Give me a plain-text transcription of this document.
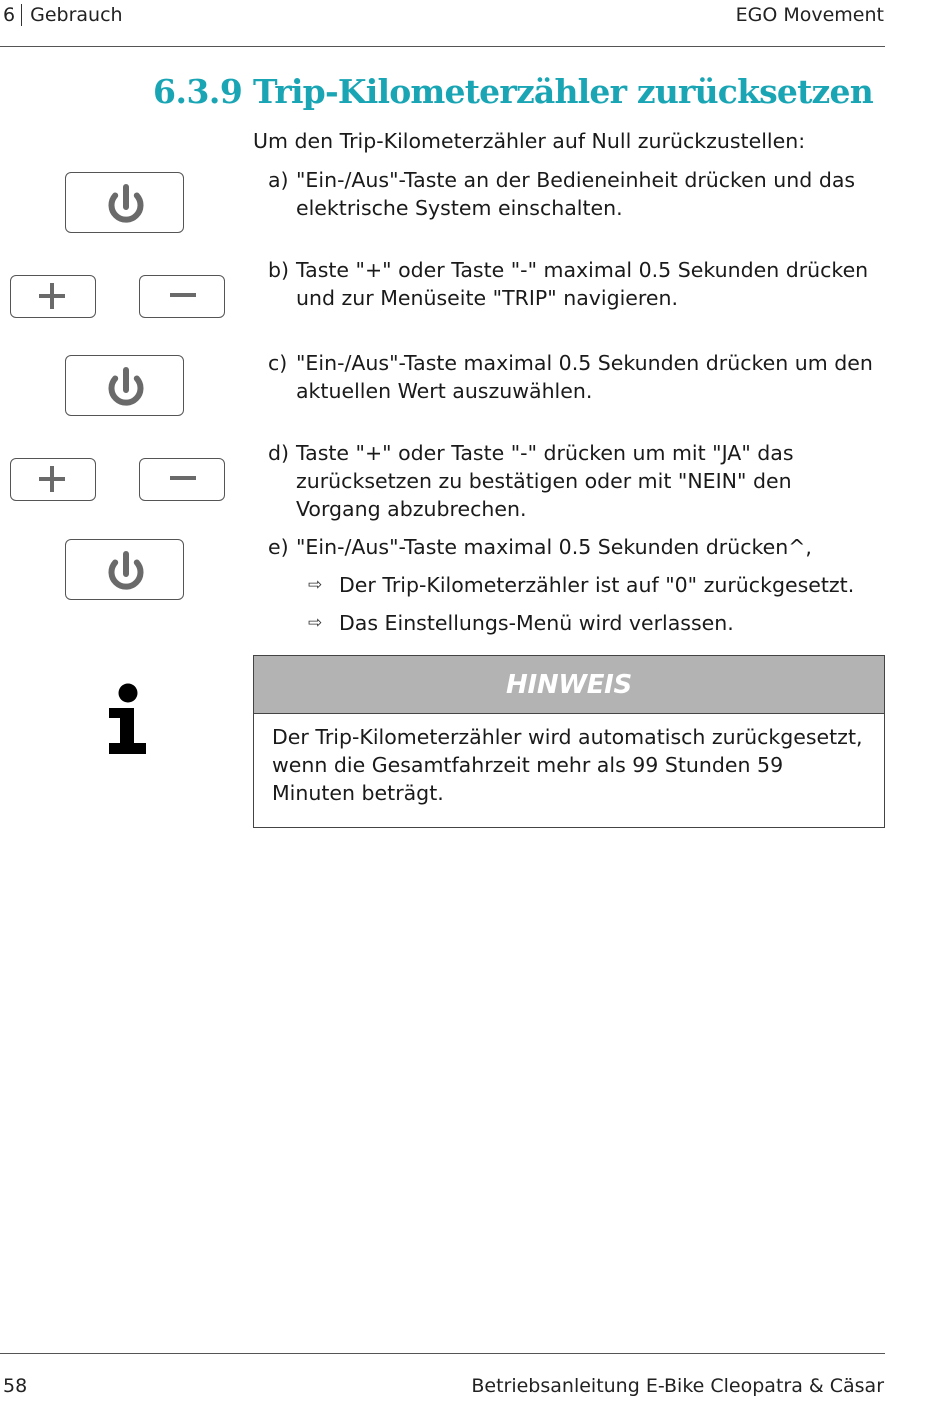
6 Gebrauch	EGO Movement
6.3.9 Trip-Kilometerzähler zurücksetzen
Um den Trip-Kilometerzähler auf Null zurückzustellen:
a) "Ein-/Aus"-Taste an der Bedieneinheit drücken und das elektrische System einschalten.
b) Taste "+" oder Taste "-" maximal 0.5 Sekunden drücken und zur Menüseite "TRIP" navigieren.
c) "Ein-/Aus"-Taste maximal 0.5 Sekunden drücken um den aktuellen Wert auszuwählen.
d) Taste "+" oder Taste "-" drücken um mit "JA" das zurücksetzen zu bestätigen oder mit "NEIN" den Vorgang abzubrechen.
e) "Ein-/Aus"-Taste maximal 0.5 Sekunden drücken^,
⇨ Der Trip-Kilometerzähler ist auf "0" zurückgesetzt.
⇨ Das Einstellungs-Menü wird verlassen.
HINWEIS
Der Trip-Kilometerzähler wird automatisch zurückgesetzt, wenn die Gesamtfahrzeit mehr als 99 Stunden 59 Minuten beträgt.
58	Betriebsanleitung E-Bike Cleopatra & Cäsar
